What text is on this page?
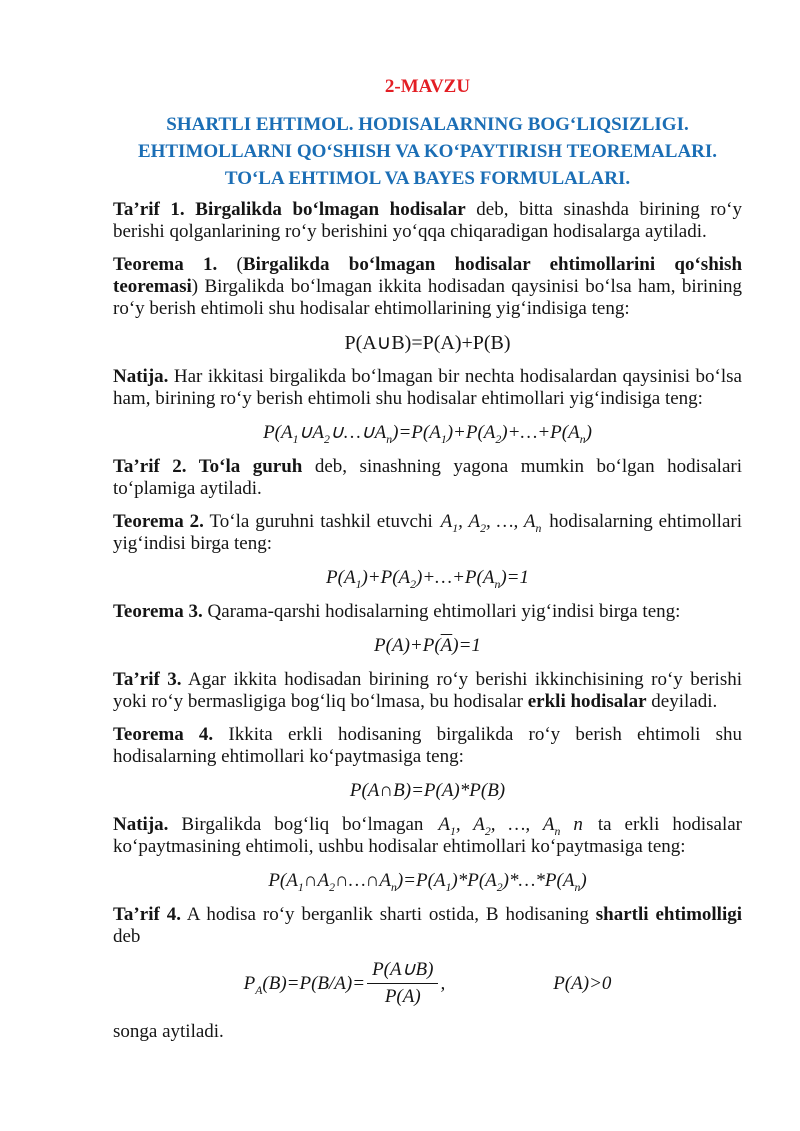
2-MAVZU
SHARTLI EHTIMOL. HODISALARNING BOG‘LIQSIZLIGI.
EHTIMOLLARNI QO‘SHISH VA KO‘PAYTIRISH TEOREMALARI.
TO‘LA EHTIMOL VA BAYES FORMULALARI.

Ta’rif 1. Birgalikda bo‘lmagan hodisalar deb, bitta sinashda birining ro‘y berishi qolganlarining ro‘y berishini yo‘qqa chiqaradigan hodisalarga aytiladi.

Teorema 1. (Birgalikda bo‘lmagan hodisalar ehtimollarini qo‘shish teoremasi) Birgalikda bo‘lmagan ikkita hodisadan qaysinisi bo‘lsa ham, birining ro‘y berish ehtimoli shu hodisalar ehtimollarining yig‘indisiga teng:

P(A∪B)=P(A)+P(B)

Natija. Har ikkitasi birgalikda bo‘lmagan bir nechta hodisalardan qaysinisi bo‘lsa ham, birining ro‘y berish ehtimoli shu hodisalar ehtimollari yig‘indisiga teng:

$P(A_1\cup A_2\cup\dots\cup A_n)=P(A_1)+P(A_2)+\dots+P(A_n)$

Ta’rif 2. To‘la guruh deb, sinashning yagona mumkin bo‘lgan hodisalari to‘plamiga aytiladi.

Teorema 2. To‘la guruhni tashkil etuvchi $A_1$, $A_2$, …, $A_n$ hodisalarning ehtimollari yig‘indisi birga teng:

$P(A_1)+P(A_2)+\dots+P(A_n)=1$

Teorema 3. Qarama-qarshi hodisalarning ehtimollari yig‘indisi birga teng:

$P(A)+P(\overline{A})=1$

Ta’rif 3. Agar ikkita hodisadan birining ro‘y berishi ikkinchisining ro‘y berishi yoki ro‘y bermasligiga bog‘liq bo‘lmasa, bu hodisalar erkli hodisalar deyiladi.

Teorema 4. Ikkita erkli hodisaning birgalikda ro‘y berish ehtimoli shu hodisalarning ehtimollari ko‘paytmasiga teng:

P(A∩B)=P(A)*P(B)

Natija. Birgalikda bog‘liq bo‘lmagan $A_1$, $A_2$, …, $A_n$ n ta erkli hodisalar ko‘paytmasining ehtimoli, ushbu hodisalar ehtimollari ko‘paytmasiga teng:

$P(A_1\cap A_2\cap\dots\cap A_n)=P(A_1)*P(A_2)*\dots*P(A_n)$

Ta’rif 4. A hodisa ro‘y berganlik sharti ostida, B hodisaning shartli ehtimolligi deb

$P_A(B)=P(B/A)= \frac{P(A\cup B)}{P(A)}$ ,	P(A)>0

songa aytiladi.
